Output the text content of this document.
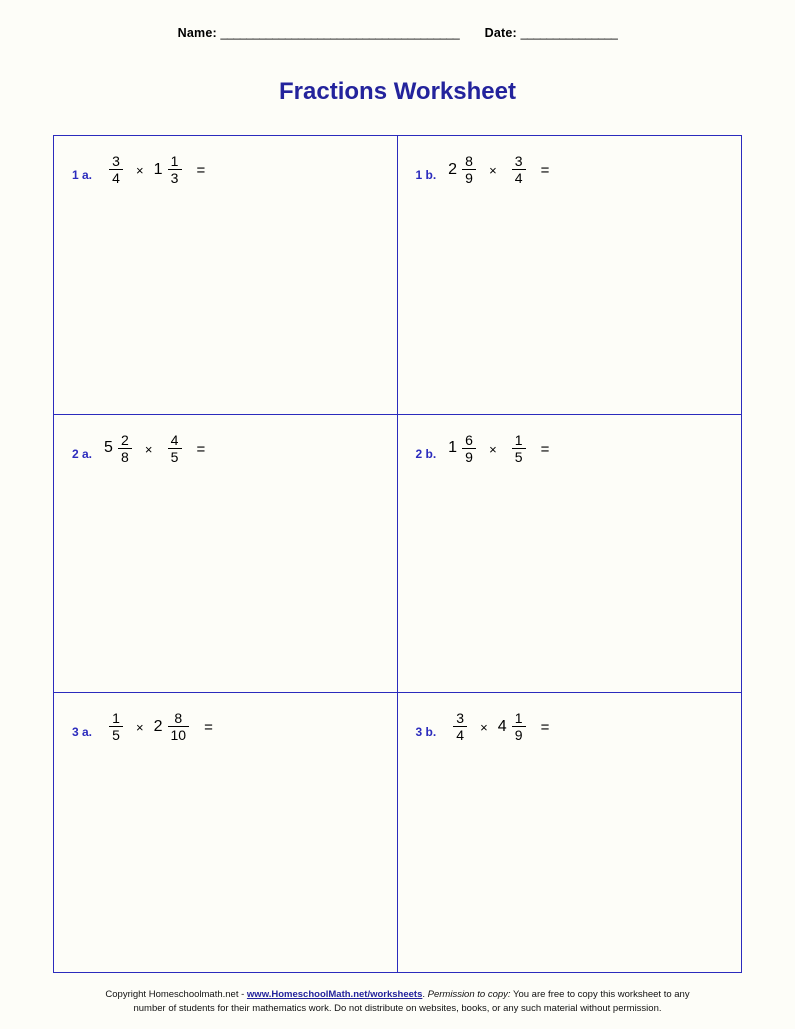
Name: _____________________________________ Date: _______________
Fractions Worksheet
1 a. $\frac{3}{4} \times 1 \frac{1}{3}$ =	1 b. $2 \frac{8}{9} \times \frac{3}{4}$ =
2 a. $5 \frac{2}{8} \times \frac{4}{5}$ =	2 b. $1 \frac{6}{9} \times \frac{1}{5}$ =
3 a. $\frac{1}{5} \times 2 \frac{8}{10}$ =	3 b. $\frac{3}{4} \times 4 \frac{1}{9}$ =
Copyright Homeschoolmath.net - www.HomeschoolMath.net/worksheets. Permission to copy: You are free to copy this worksheet to any
number of students for their mathematics work. Do not distribute on websites, books, or any such material without permission.
